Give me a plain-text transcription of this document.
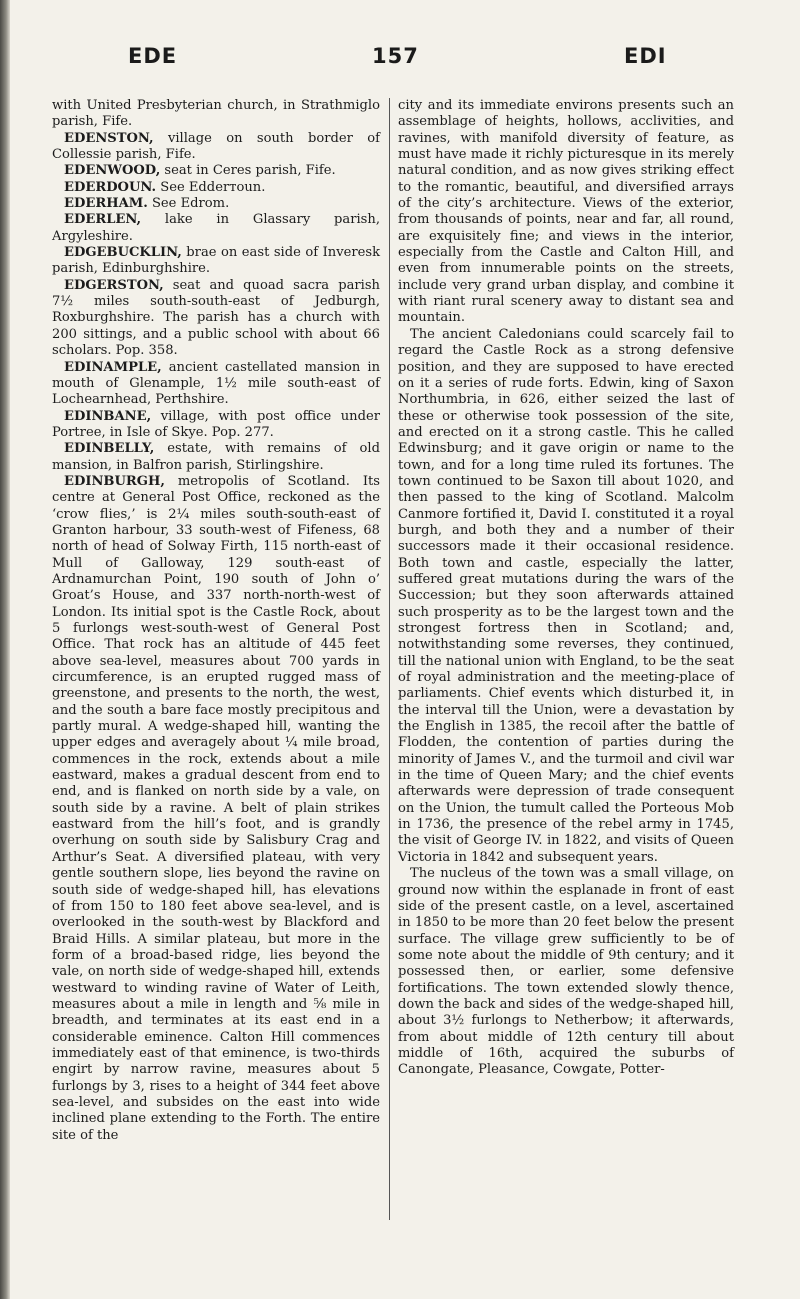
EDE	157	EDI

with United Presbyterian church, in Strathmiglo parish, Fife.

EDENSTON, village on south border of Collessie parish, Fife.

EDENWOOD, seat in Ceres parish, Fife.

EDERDOUN. See Edderтoun.

EDERHAM. See Edrom.

EDERLEN, lake in Glassary parish, Argyleshire.

EDGEBUCKLIN, brae on east side of Inveresk parish, Edinburghshire.

EDGERSTON, seat and quoad sacra parish 7½ miles south-south-east of Jedburgh, Roxburghshire. The parish has a church with 200 sittings, and a public school with about 66 scholars. Pop. 358.

EDINAMPLE, ancient castellated mansion in mouth of Glenample, 1½ mile south-east of Lochearnhead, Perthshire.

EDINBANE, village, with post office under Portree, in Isle of Skye. Pop. 277.

EDINBELLY, estate, with remains of old mansion, in Balfron parish, Stirlingshire.

EDINBURGH, metropolis of Scotland. Its centre at General Post Office, reckoned as the ‘crow flies,’ is 2¼ miles south-south-east of Granton harbour, 33 south-west of Fifeness, 68 north of head of Solway Firth, 115 north-east of Mull of Galloway, 129 south-east of Ardnamurchan Point, 190 south of John o’ Groat’s House, and 337 north-north-west of London. Its initial spot is the Castle Rock, about 5 furlongs west-south-west of General Post Office. That rock has an altitude of 445 feet above sea-level, measures about 700 yards in circumference, is an erupted rugged mass of greenstone, and presents to the north, the west, and the south a bare face mostly precipitous and partly mural. A wedge-shaped hill, wanting the upper edges and averagely about ¼ mile broad, commences in the rock, extends about a mile eastward, makes a gradual descent from end to end, and is flanked on north side by a vale, on south side by a ravine. A belt of plain strikes eastward from the hill’s foot, and is grandly overhung on south side by Salisbury Crag and Arthur’s Seat. A diversified plateau, with very gentle southern slope, lies beyond the ravine on south side of wedge-shaped hill, has elevations of from 150 to 180 feet above sea-level, and is overlooked in the south-west by Blackford and Braid Hills. A similar plateau, but more in the form of a broad-based ridge, lies beyond the vale, on north side of wedge-shaped hill, extends westward to winding ravine of Water of Leith, measures about a mile in length and ⅝ mile in breadth, and terminates at its east end in a considerable eminence. Calton Hill commences immediately east of that eminence, is two-thirds engirt by narrow ravine, measures about 5 furlongs by 3, rises to a height of 344 feet above sea-level, and subsides on the east into wide inclined plane extending to the Forth. The entire site of the

city and its immediate environs presents such an assemblage of heights, hollows, acclivities, and ravines, with manifold diversity of feature, as must have made it richly picturesque in its merely natural condition, and as now gives striking effect to the romantic, beautiful, and diversified arrays of the city’s architecture. Views of the exterior, from thousands of points, near and far, all round, are exquisitely fine; and views in the interior, especially from the Castle and Calton Hill, and even from innumerable points on the streets, include very grand urban display, and combine it with riant rural scenery away to distant sea and mountain.

The ancient Caledonians could scarcely fail to regard the Castle Rock as a strong defensive position, and they are supposed to have erected on it a series of rude forts. Edwin, king of Saxon Northumbria, in 626, either seized the last of these or otherwise took possession of the site, and erected on it a strong castle. This he called Edwinsburg; and it gave origin or name to the town, and for a long time ruled its fortunes. The town continued to be Saxon till about 1020, and then passed to the king of Scotland. Malcolm Canmore fortified it, David I. constituted it a royal burgh, and both they and a number of their successors made it their occasional residence. Both town and castle, especially the latter, suffered great mutations during the wars of the Succession; but they soon afterwards attained such prosperity as to be the largest town and the strongest fortress then in Scotland; and, notwithstanding some reverses, they continued, till the national union with England, to be the seat of royal administration and the meeting-place of parliaments. Chief events which disturbed it, in the interval till the Union, were a devastation by the English in 1385, the recoil after the battle of Flodden, the contention of parties during the minority of James V., and the turmoil and civil war in the time of Queen Mary; and the chief events afterwards were depression of trade consequent on the Union, the tumult called the Porteous Mob in 1736, the presence of the rebel army in 1745, the visit of George IV. in 1822, and visits of Queen Victoria in 1842 and subsequent years.

The nucleus of the town was a small village, on ground now within the esplanade in front of east side of the present castle, on a level, ascertained in 1850 to be more than 20 feet below the present surface. The village grew sufficiently to be of some note about the middle of 9th century; and it possessed then, or earlier, some defensive fortifications. The town extended slowly thence, down the back and sides of the wedge-shaped hill, about 3½ furlongs to Netherbow; it afterwards, from about middle of 12th century till about middle of 16th, acquired the suburbs of Canongate, Pleasance, Cowgate, Potter-
